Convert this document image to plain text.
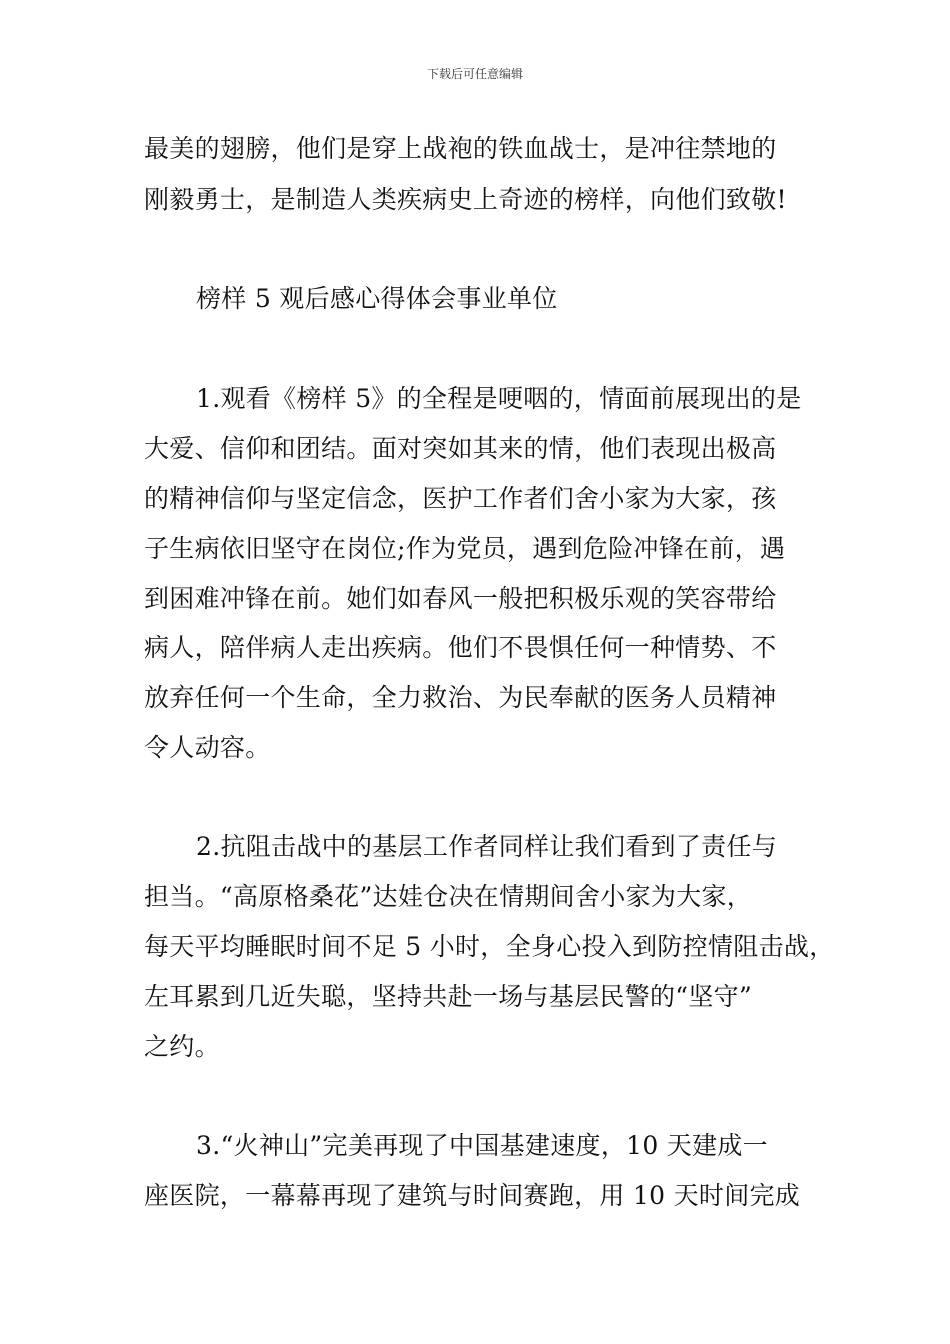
下载后可任意编辑
最美的翅膀，他们是穿上战袍的铁血战士，是冲往禁地的
刚毅勇士，是制造人类疾病史上奇迹的榜样，向他们致敬!
榜样 5 观后感心得体会事业单位
1.观看《榜样 5》的全程是哽咽的，情面前展现出的是
大爱、信仰和团结。面对突如其来的情，他们表现出极高
的精神信仰与坚定信念，医护工作者们舍小家为大家，孩
子生病依旧坚守在岗位;作为党员，遇到危险冲锋在前，遇
到困难冲锋在前。她们如春风一般把积极乐观的笑容带给
病人，陪伴病人走出疾病。他们不畏惧任何一种情势、不
放弃任何一个生命，全力救治、为民奉献的医务人员精神
令人动容。
2.抗阻击战中的基层工作者同样让我们看到了责任与
担当。“高原格桑花”达娃仓决在情期间舍小家为大家，
每天平均睡眠时间不足 5 小时，全身心投入到防控情阻击战，
左耳累到几近失聪，坚持共赴一场与基层民警的“坚守”
之约。
3.“火神山”完美再现了中国基建速度，10 天建成一
座医院，一幕幕再现了建筑与时间赛跑，用 10 天时间完成
